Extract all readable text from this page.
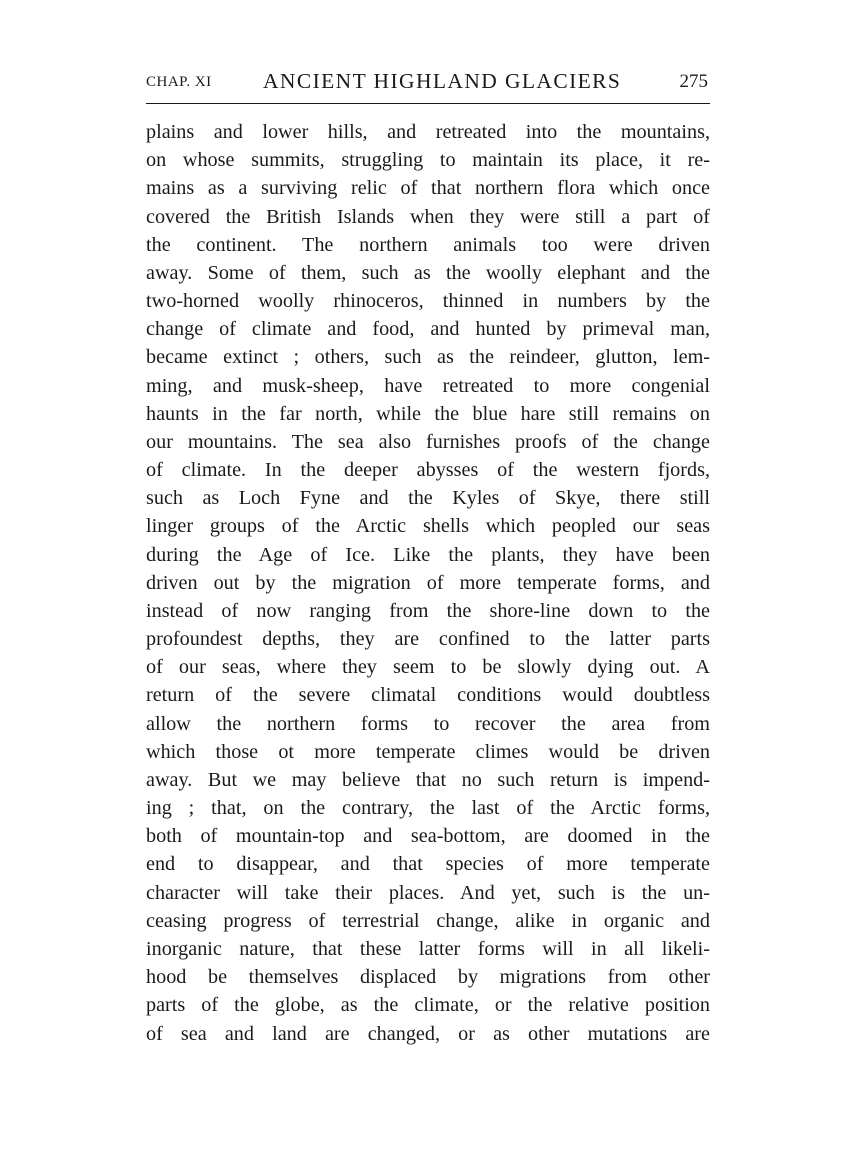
CHAP. XI ANCIENT HIGHLAND GLACIERS	275
plains and lower hills, and retreated into the mountains,
on whose summits, struggling to maintain its place, it re-
mains as a surviving relic of that northern flora which once
covered the British Islands when they were still a part of
the continent. The northern animals too were driven
away. Some of them, such as the woolly elephant and the
two-horned woolly rhinoceros, thinned in numbers by the
change of climate and food, and hunted by primeval man,
became extinct ; others, such as the reindeer, glutton, lem-
ming, and musk-sheep, have retreated to more congenial
haunts in the far north, while the blue hare still remains on
our mountains. The sea also furnishes proofs of the change
of climate. In the deeper abysses of the western fjords,
such as Loch Fyne and the Kyles of Skye, there still
linger groups of the Arctic shells which peopled our seas
during the Age of Ice. Like the plants, they have been
driven out by the migration of more temperate forms, and
instead of now ranging from the shore-line down to the
profoundest depths, they are confined to the latter parts
of our seas, where they seem to be slowly dying out. A
return of the severe climatal conditions would doubtless
allow the northern forms to recover the area from
which those ot more temperate climes would be driven
away. But we may believe that no such return is impend-
ing ; that, on the contrary, the last of the Arctic forms,
both of mountain-top and sea-bottom, are doomed in the
end to disappear, and that species of more temperate
character will take their places. And yet, such is the un-
ceasing progress of terrestrial change, alike in organic and
inorganic nature, that these latter forms will in all likeli-
hood be themselves displaced by migrations from other
parts of the globe, as the climate, or the relative position
of sea and land are changed, or as other mutations are
